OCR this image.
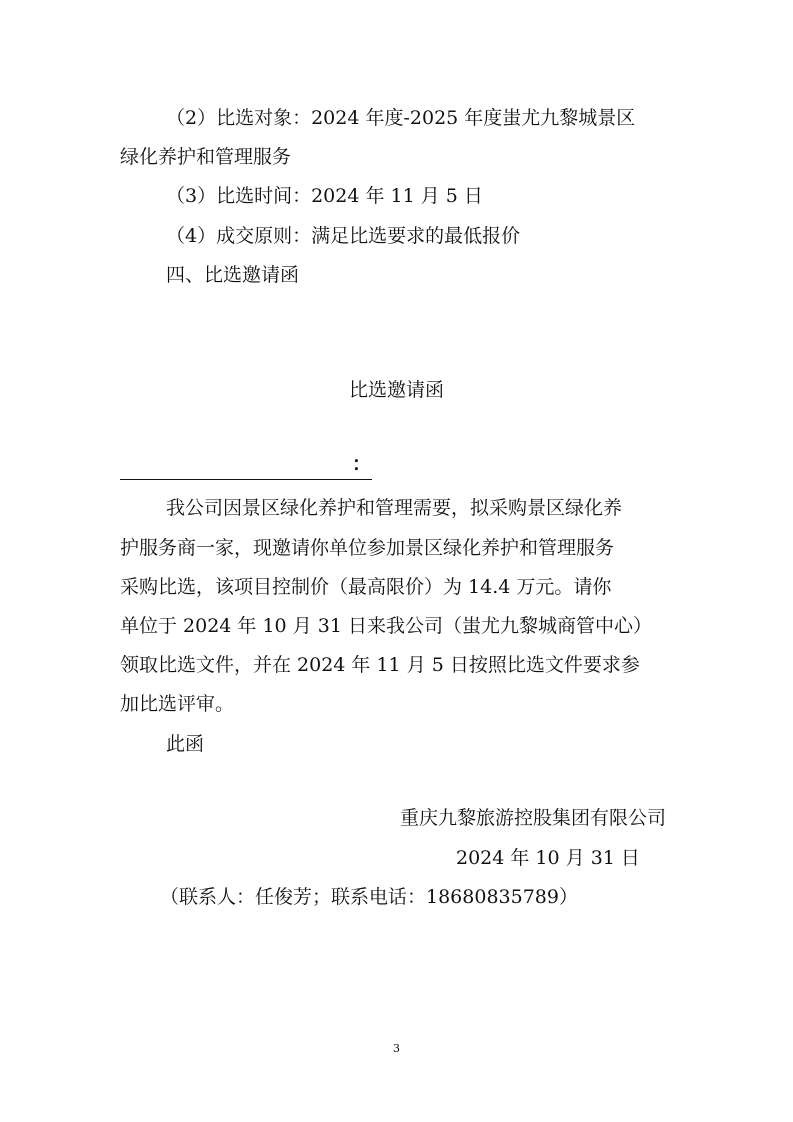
（2）比选对象：2024 年度-2025 年度蚩尤九黎城景区
绿化养护和管理服务
（3）比选时间：2024 年 11 月 5 日
（4）成交原则：满足比选要求的最低报价
四、比选邀请函
比选邀请函
：
我公司因景区绿化养护和管理需要，拟采购景区绿化养
护服务商一家，现邀请你单位参加景区绿化养护和管理服务
采购比选，该项目控制价（最高限价）为 14.4 万元。请你
单位于 2024 年 10 月 31 日来我公司（蚩尤九黎城商管中心）
领取比选文件，并在 2024 年 11 月 5 日按照比选文件要求参
加比选评审。
此函
重庆九黎旅游控股集团有限公司
2024 年 10 月 31 日
（联系人：任俊芳；联系电话：18680835789）
3
